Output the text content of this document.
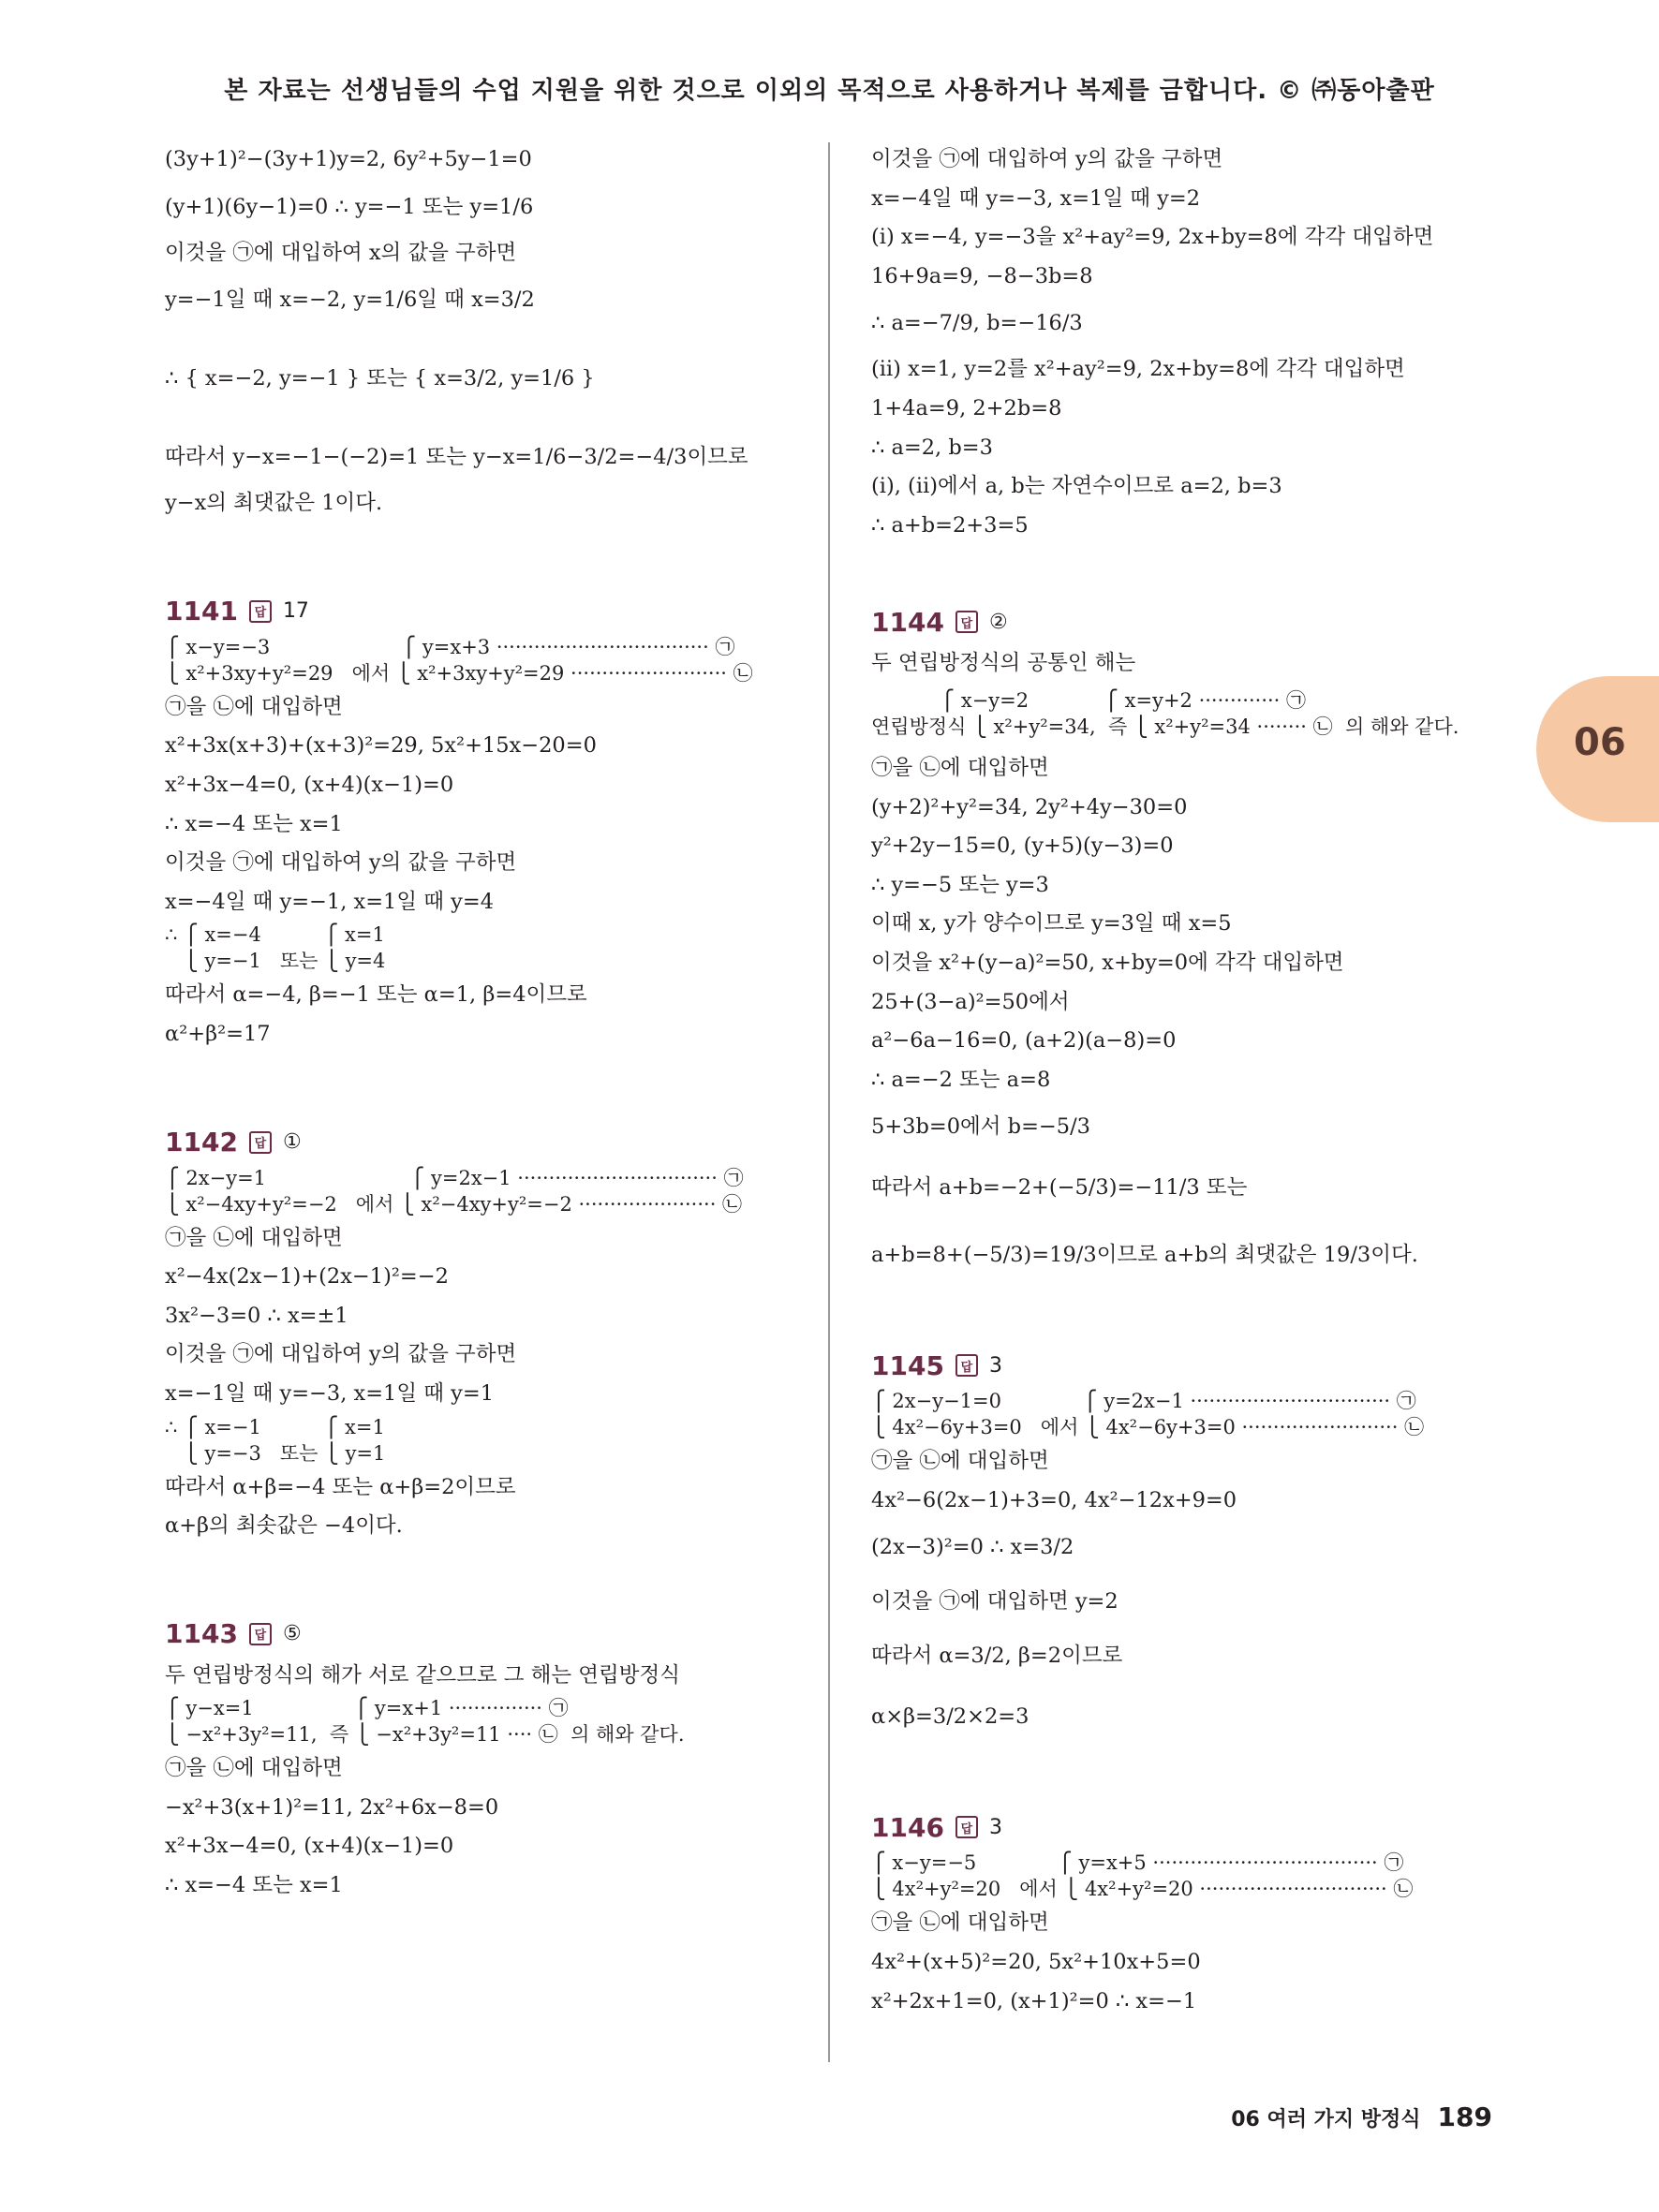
본 자료는 선생님들의 수업 지원을 위한 것으로 이외의 목적으로 사용하거나 복제를 금합니다. © ㈜동아출판
(3y+1)²−(3y+1)y=2, 6y²+5y−1=0
(y+1)(6y−1)=0 ∴ y=−1 또는 y=1/6
이것을 ㉠에 대입하여 x의 값을 구하면
y=−1일 때 x=−2, y=1/6일 때 x=3/2
∴ { x=−2, y=−1 } 또는 { x=3/2, y=1/6 }
따라서 y−x=−1−(−2)=1 또는 y−x=1/6−3/2=−4/3이므로
y−x의 최댓값은 1이다.
1141	답 17
⎧ x−y=−3                     ⎧ y=x+3 ·································· ㉠
⎩ x²+3xy+y²=29   에서 ⎩ x²+3xy+y²=29 ························· ㉡
㉠을 ㉡에 대입하면
x²+3x(x+3)+(x+3)²=29, 5x²+15x−20=0
x²+3x−4=0, (x+4)(x−1)=0
∴ x=−4 또는 x=1
이것을 ㉠에 대입하여 y의 값을 구하면
x=−4일 때 y=−1, x=1일 때 y=4
∴ ⎧ x=−4          ⎧ x=1
⎩ y=−1   또는 ⎩ y=4
따라서 α=−4, β=−1 또는 α=1, β=4이므로
α²+β²=17
1142	답 ①
⎧ 2x−y=1                       ⎧ y=2x−1 ································ ㉠
⎩ x²−4xy+y²=−2   에서 ⎩ x²−4xy+y²=−2 ······················ ㉡
㉠을 ㉡에 대입하면
x²−4x(2x−1)+(2x−1)²=−2
3x²−3=0 ∴ x=±1
이것을 ㉠에 대입하여 y의 값을 구하면
x=−1일 때 y=−3, x=1일 때 y=1
∴ ⎧ x=−1          ⎧ x=1
⎩ y=−3   또는 ⎩ y=1
따라서 α+β=−4 또는 α+β=2이므로
α+β의 최솟값은 −4이다.
1143	답 ⑤
두 연립방정식의 해가 서로 같으므로 그 해는 연립방정식
⎧ y−x=1                ⎧ y=x+1 ··············· ㉠
⎩ −x²+3y²=11,  즉 ⎩ −x²+3y²=11 ···· ㉡  의 해와 같다.
㉠을 ㉡에 대입하면
−x²+3(x+1)²=11, 2x²+6x−8=0
x²+3x−4=0, (x+4)(x−1)=0
∴ x=−4 또는 x=1
이것을 ㉠에 대입하여 y의 값을 구하면
x=−4일 때 y=−3, x=1일 때 y=2
(ⅰ) x=−4, y=−3을 x²+ay²=9, 2x+by=8에 각각 대입하면
16+9a=9, −8−3b=8
∴ a=−7/9, b=−16/3
(ⅱ) x=1, y=2를 x²+ay²=9, 2x+by=8에 각각 대입하면
1+4a=9, 2+2b=8
∴ a=2, b=3
(ⅰ), (ⅱ)에서 a, b는 자연수이므로 a=2, b=3
∴ a+b=2+3=5
1144	답 ②
두 연립방정식의 공통인 해는
⎧ x−y=2            ⎧ x=y+2 ············· ㉠
연립방정식 ⎩ x²+y²=34,  즉 ⎩ x²+y²=34 ········ ㉡  의 해와 같다.
㉠을 ㉡에 대입하면
(y+2)²+y²=34, 2y²+4y−30=0
y²+2y−15=0, (y+5)(y−3)=0
∴ y=−5 또는 y=3
이때 x, y가 양수이므로 y=3일 때 x=5
이것을 x²+(y−a)²=50, x+by=0에 각각 대입하면
25+(3−a)²=50에서
a²−6a−16=0, (a+2)(a−8)=0
∴ a=−2 또는 a=8
5+3b=0에서 b=−5/3
따라서 a+b=−2+(−5/3)=−11/3 또는
a+b=8+(−5/3)=19/3이므로 a+b의 최댓값은 19/3이다.
1145	답 3
⎧ 2x−y−1=0             ⎧ y=2x−1 ································ ㉠
⎩ 4x²−6y+3=0   에서 ⎩ 4x²−6y+3=0 ························· ㉡
㉠을 ㉡에 대입하면
4x²−6(2x−1)+3=0, 4x²−12x+9=0
(2x−3)²=0 ∴ x=3/2
이것을 ㉠에 대입하면 y=2
따라서 α=3/2, β=2이므로
α×β=3/2×2=3
1146	답 3
⎧ x−y=−5             ⎧ y=x+5 ···································· ㉠
⎩ 4x²+y²=20   에서 ⎩ 4x²+y²=20 ······························ ㉡
㉠을 ㉡에 대입하면
4x²+(x+5)²=20, 5x²+10x+5=0
x²+2x+1=0, (x+1)²=0 ∴ x=−1
06
06 여러 가지 방정식 189
